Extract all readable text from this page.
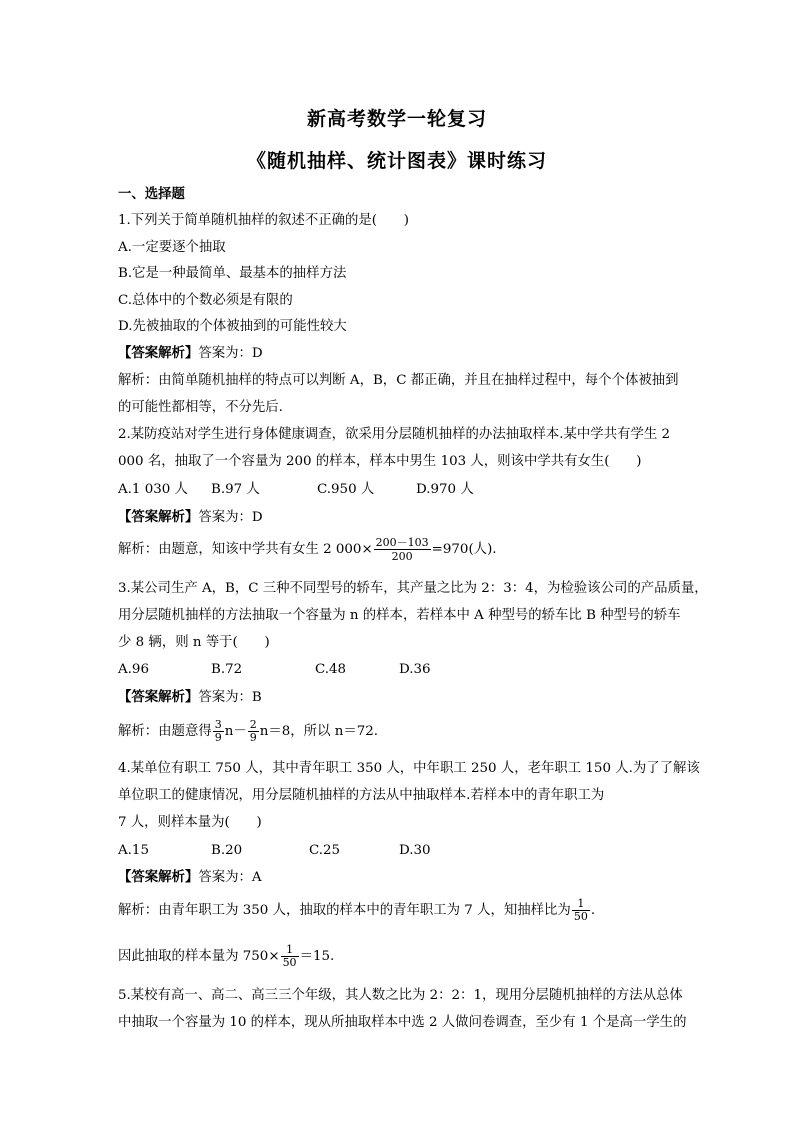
新高考数学一轮复习
《随机抽样、统计图表》课时练习
一、选择题
1.下列关于简单随机抽样的叙述不正确的是(　　)
A.一定要逐个抽取
B.它是一种最简单、最基本的抽样方法
C.总体中的个数必须是有限的
D.先被抽取的个体被抽到的可能性较大
【答案解析】答案为：D
解析：由简单随机抽样的特点可以判断 A，B，C 都正确，并且在抽样过程中，每个个体被抽到
的可能性都相等，不分先后.
2.某防疫站对学生进行身体健康调查，欲采用分层随机抽样的办法抽取样本.某中学共有学生 2
000 名，抽取了一个容量为 200 的样本，样本中男生 103 人，则该中学共有女生(　　)
A.1 030 人	B.97 人	C.950 人	D.970 人
【答案解析】答案为：D
解析：由题意，知该中学共有女生 2 $000\times \frac{200-103}{200} =970$(人).
3.某公司生产 A，B，C 三种不同型号的轿车，其产量之比为 2：3：4，为检验该公司的产品质量，
用分层随机抽样的方法抽取一个容量为 n 的样本，若样本中 A 种型号的轿车比 B 种型号的轿车
少 8 辆，则 n 等于(　　)
A.96	B.72	C.48	D.36
【答案解析】答案为：B
解析：由题意得 $\frac{3}{9} n- \frac{2}{9} n=8$，所以 n＝72.
4.某单位有职工 750 人，其中青年职工 350 人，中年职工 250 人，老年职工 150 人.为了了解该
单位职工的健康情况，用分层随机抽样的方法从中抽取样本.若样本中的青年职工为
7 人，则样本量为(　　)
A.15	B.20	C.25	D.30
【答案解析】答案为：A
解析：由青年职工为 350 人，抽取的样本中的青年职工为 7 人，知抽样比为 $\frac{1}{50}$ .
因此抽取的样本量为 $750\times \frac{1}{50} =15$.
5.某校有高一、高二、高三三个年级，其人数之比为 2：2：1，现用分层随机抽样的方法从总体
中抽取一个容量为 10 的样本，现从所抽取样本中选 2 人做问卷调查，至少有 1 个是高一学生的
